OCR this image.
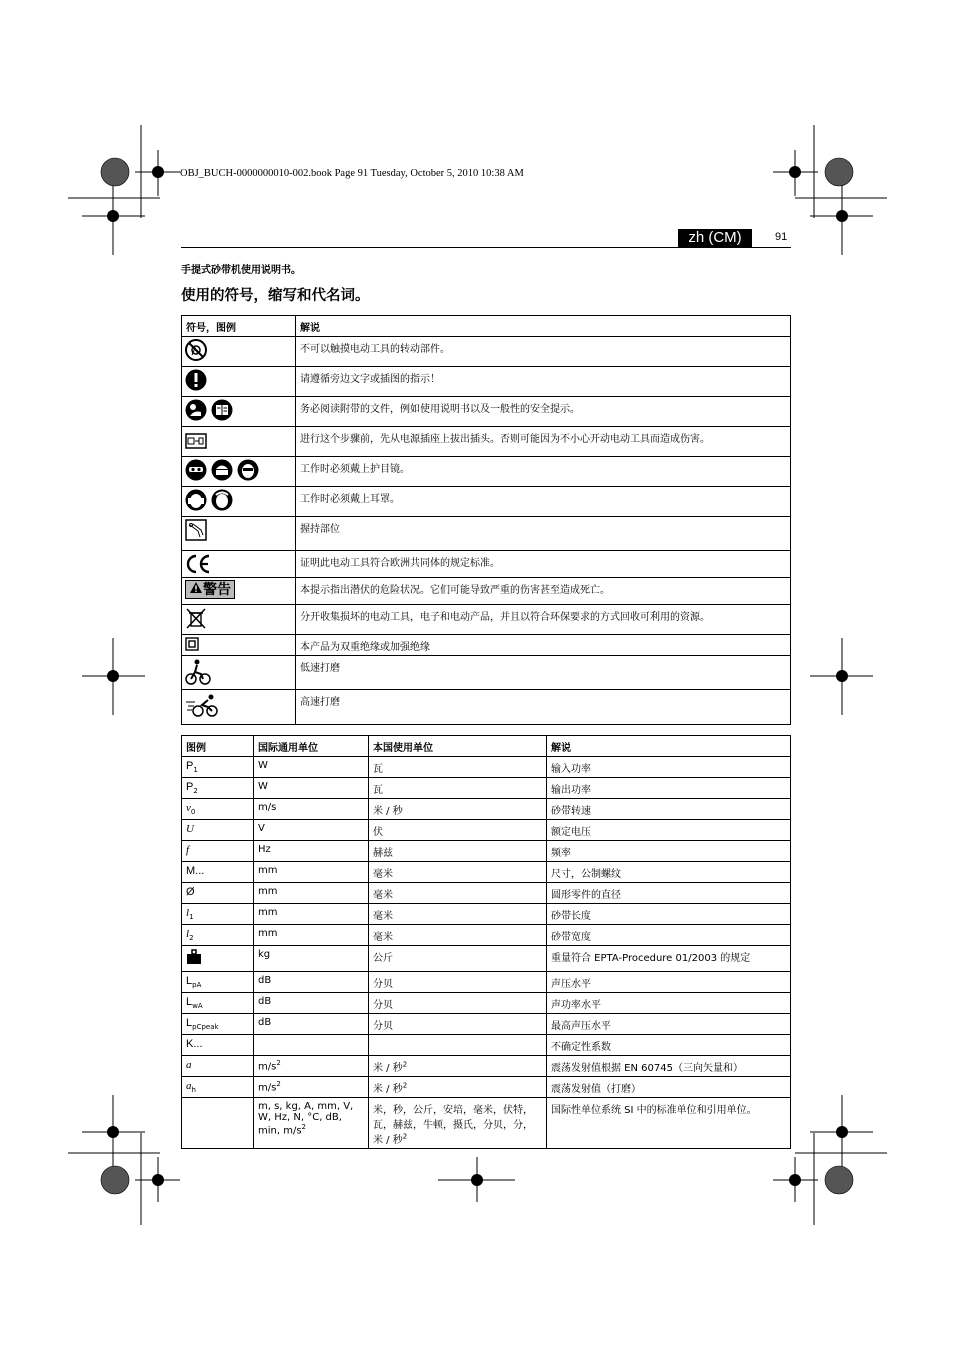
OBJ_BUCH-0000000010-002.book Page 91 Tuesday, October 5, 2010 10:38 AM
zh (CM)	91
手提式砂带机使用说明书。
使用的符号，缩写和代名词。
符号，图例	解说

	不可以触摸电动工具的转动部件。

	请遵循旁边文字或插图的指示！

	务必阅读附带的文件，例如使用说明书以及一般性的安全提示。

	进行这个步骤前，先从电源插座上拔出插头。否则可能因为不小心开动电动工具而造成伤害。

	工作时必须戴上护目镜。

	工作时必须戴上耳罩。

	握持部位

	证明此电动工具符合欧洲共同体的规定标准。

警告	本提示指出潜伏的危险状况。它们可能导致严重的伤害甚至造成死亡。

	分开收集损坏的电动工具，电子和电动产品，并且以符合环保要求的方式回收可利用的资源。

	本产品为双重绝缘或加强绝缘

	低速打磨

	高速打磨
图例	国际通用单位	本国使用单位	解说
$P_1$	W	瓦	输入功率
$P_2$	W	瓦	输出功率
$v_0$	m/s	米 / 秒	砂带转速
U	V	伏	额定电压
f	Hz	赫兹	频率
M...	mm	毫米	尺寸，公制螺纹
Ø	mm	毫米	圆形零件的直径
$l_1$	mm	毫米	砂带长度
$l_2$	mm	毫米	砂带宽度
	kg	公斤	重量符合 EPTA-Procedure 01/2003 的规定
$L_{pA}$	dB	分贝	声压水平
$L_{wA}$	dB	分贝	声功率水平
$L_{pCpeak}$	dB	分贝	最高声压水平
K...			不确定性系数
a	$m/s^2$	米 / 秒$^2$	震荡发射值根据 EN 60745（三向矢量和）
$a_h$	$m/s^2$	米 / 秒$^2$	震荡发射值（打磨）
	m, s, kg, A, mm, V, W, Hz, N, °C, dB, min, $m/s^2$	米，秒，公斤，安培，毫米，伏特，瓦，赫兹，牛顿，摄氏，分贝，分，米 / 秒$^2$	国际性单位系统 SI 中的标准单位和引用单位。
